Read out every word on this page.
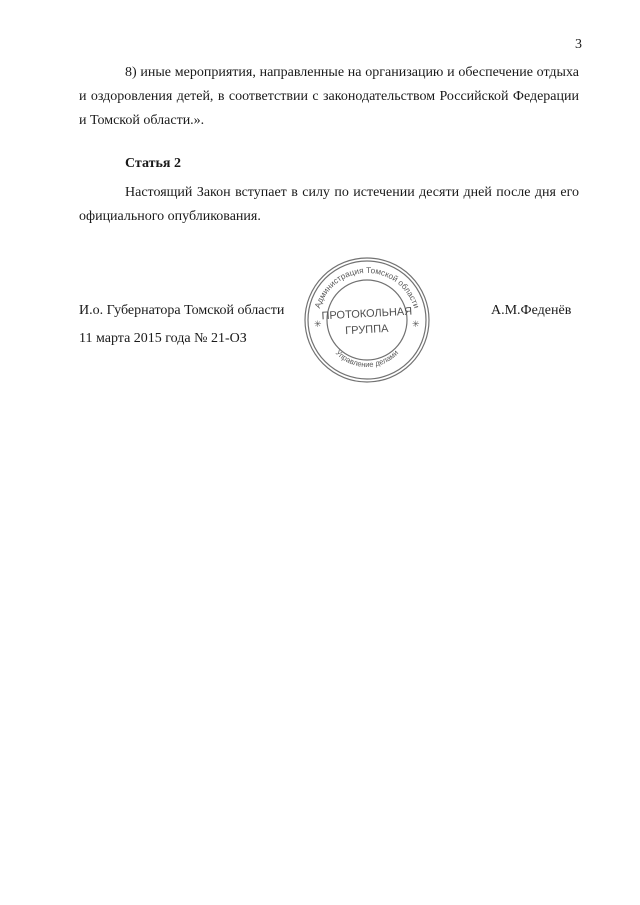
3
8) иные мероприятия, направленные на организацию и обеспечение отдыха
и оздоровления детей, в соответствии с законодательством Российской Федерации
и Томской области.».
Статья 2
Настоящий Закон вступает в силу по истечении десяти дней после дня его
официального опубликования.
И.о. Губернатора Томской области	А.М.Феденёв
11 марта 2015 года № 21-ОЗ
Администрация Томской области
Управление делами
✳	✳
ПРОТОКОЛЬНАЯ
ГРУППА
